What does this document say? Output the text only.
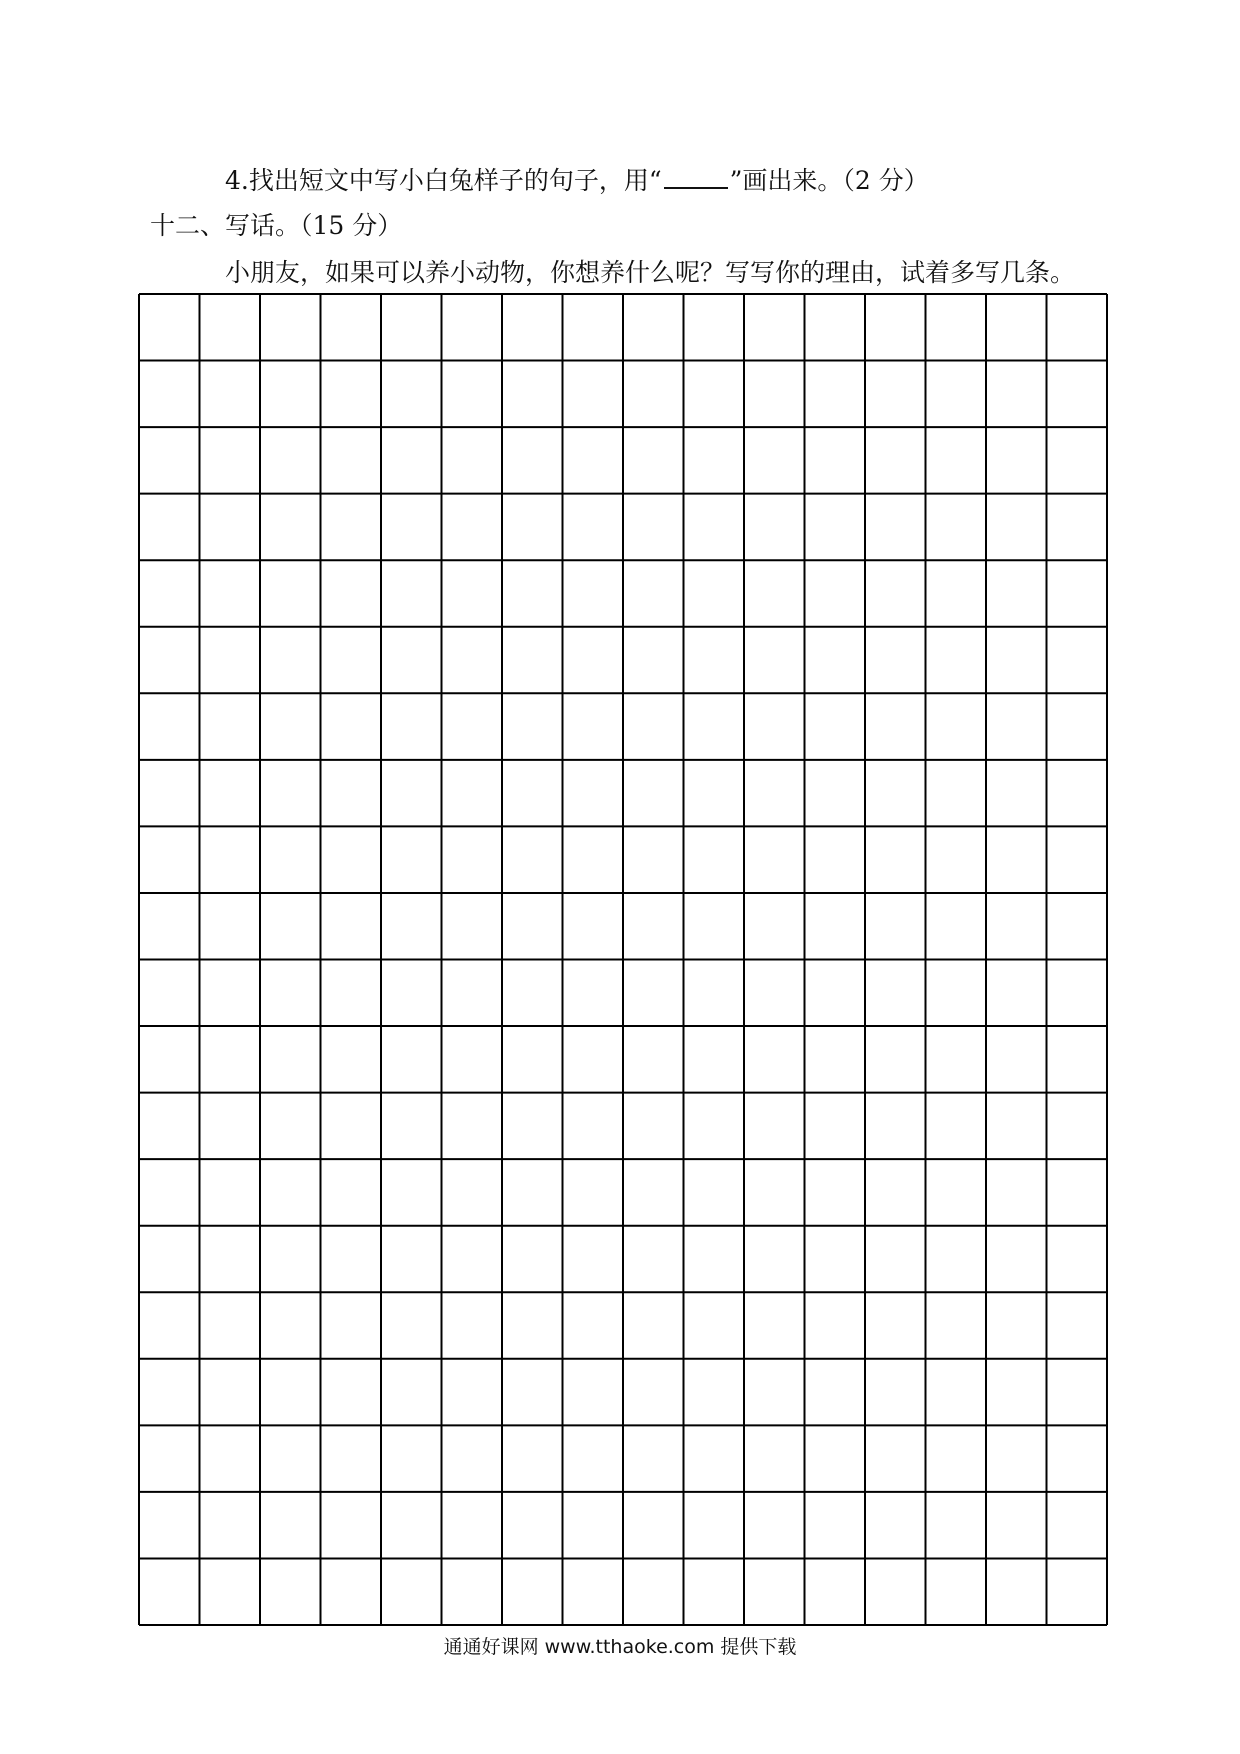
4.找出短文中写小白兔样子的句子，用“	”画出来。（2 分）
十二、写话。（15 分）
小朋友，如果可以养小动物，你想养什么呢？写写你的理由，试着多写几条。
通通好课网 www.tthaoke.com 提供下载
